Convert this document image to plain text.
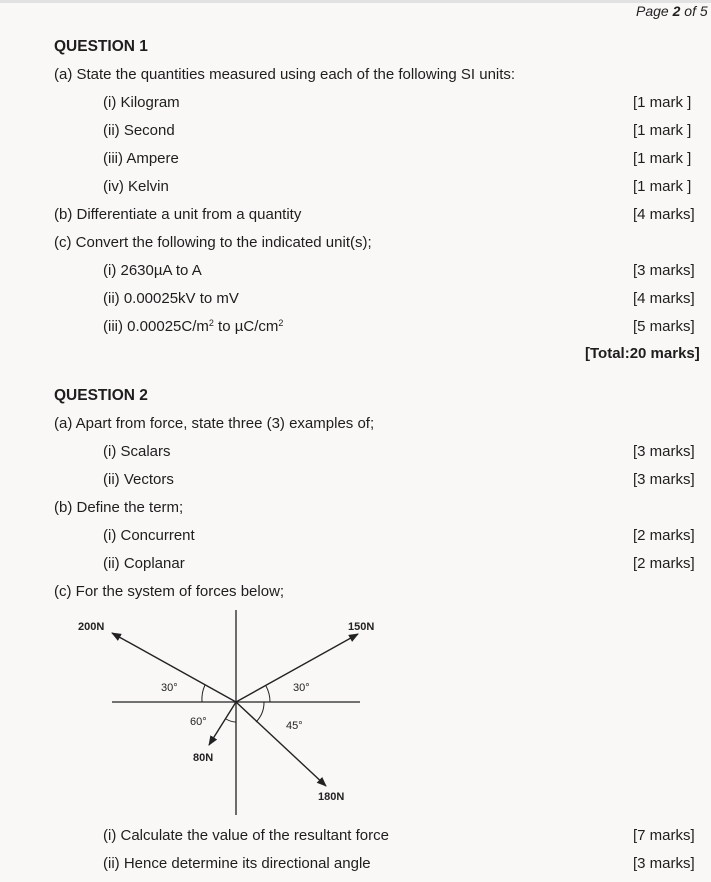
Page 2 of 5
QUESTION 1
(a) State the quantities measured using each of the following SI units:
(i) Kilogram	[1 mark ]
(ii) Second	[1 mark ]
(iii) Ampere	[1 mark ]
(iv) Kelvin	[1 mark ]
(b) Differentiate a unit from a quantity	[4 marks]
(c) Convert the following to the indicated unit(s);
(i) 2630µA to A	[3 marks]
(ii) 0.00025kV to mV	[4 marks]
(iii) $0.00025C/m^2$ to $\mu C/cm^2$	[5 marks]
[Total:20 marks]
QUESTION 2
(a) Apart from force, state three (3) examples of;
(i) Scalars	[3 marks]
(ii) Vectors	[3 marks]
(b) Define the term;
(i) Concurrent	[2 marks]
(ii) Coplanar	[2 marks]
(c) For the system of forces below;
200N	150N
80N
180N
30°	30°
60°	45°
(i) Calculate the value of the resultant force	[7 marks]
(ii) Hence determine its directional angle	[3 marks]
